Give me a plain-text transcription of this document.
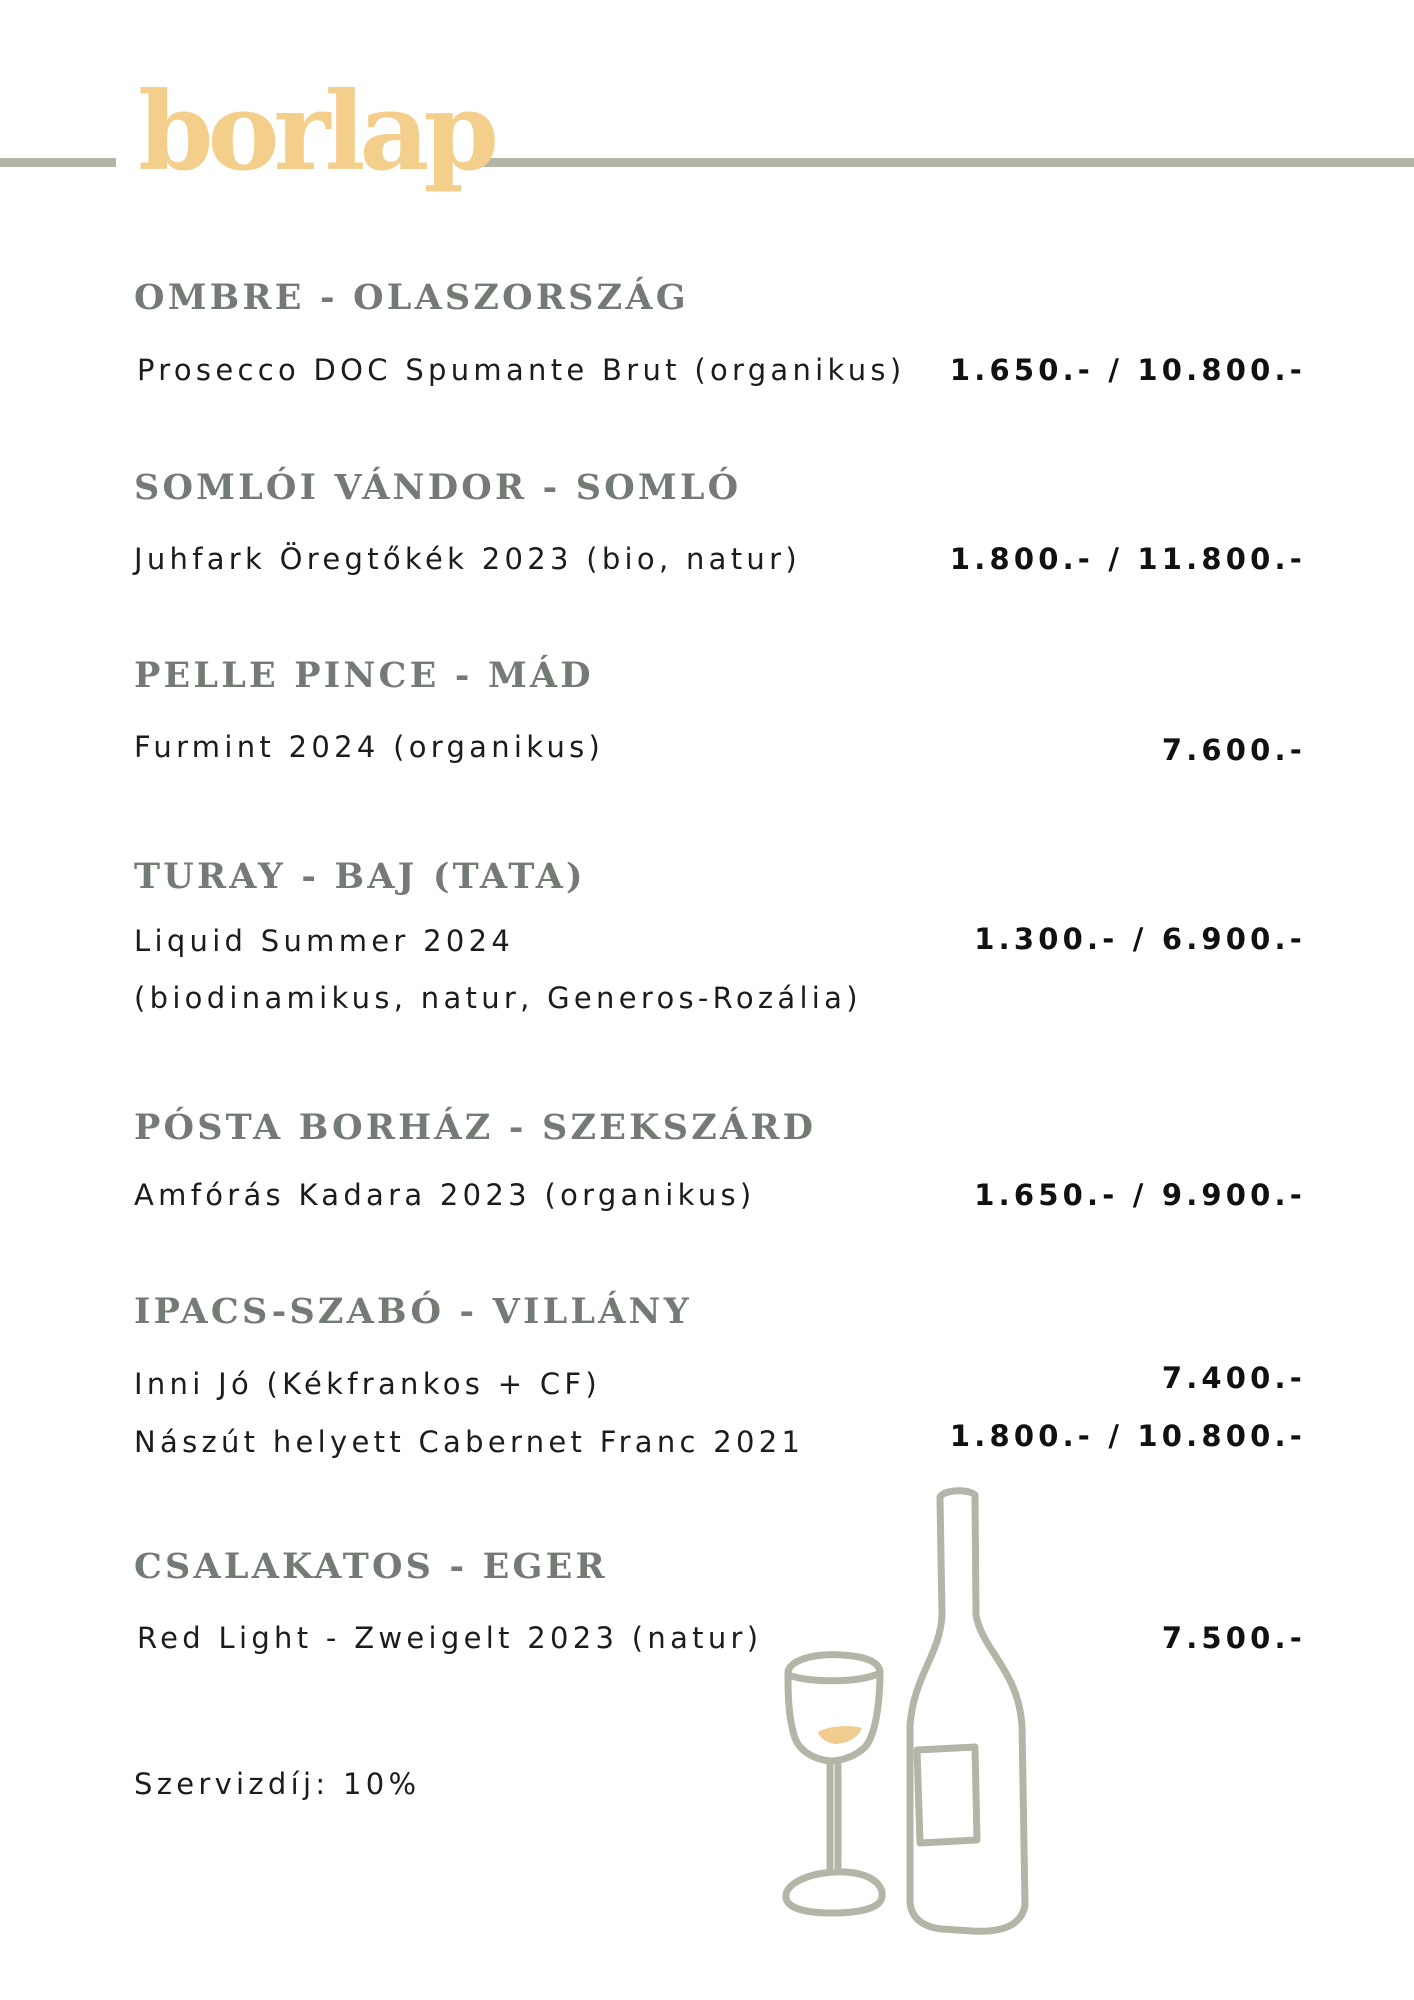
borlap
OMBRE - OLASZORSZÁG
Prosecco DOC Spumante Brut (organikus) 1.650.- / 10.800.-
SOMLÓI VÁNDOR - SOMLÓ
Juhfark Öregtőkék 2023 (bio, natur)	1.800.- / 11.800.-
PELLE PINCE - MÁD
Furmint 2024 (organikus)	7.600.-
TURAY - BAJ (TATA)
Liquid Summer 2024
(biodinamikus, natur, Generos-Rozália)
1.300.- / 6.900.-
PÓSTA BORHÁZ - SZEKSZÁRD
Amfórás Kadara 2023 (organikus)	1.650.- / 9.900.-
IPACS-SZABÓ - VILLÁNY
Inni Jó (Kékfrankos + CF)	7.400.-
Nászút helyett Cabernet Franc 2021	1.800.- / 10.800.-
CSALAKATOS - EGER
Red Light - Zweigelt 2023 (natur)	7.500.-
Szervizdíj: 10%
